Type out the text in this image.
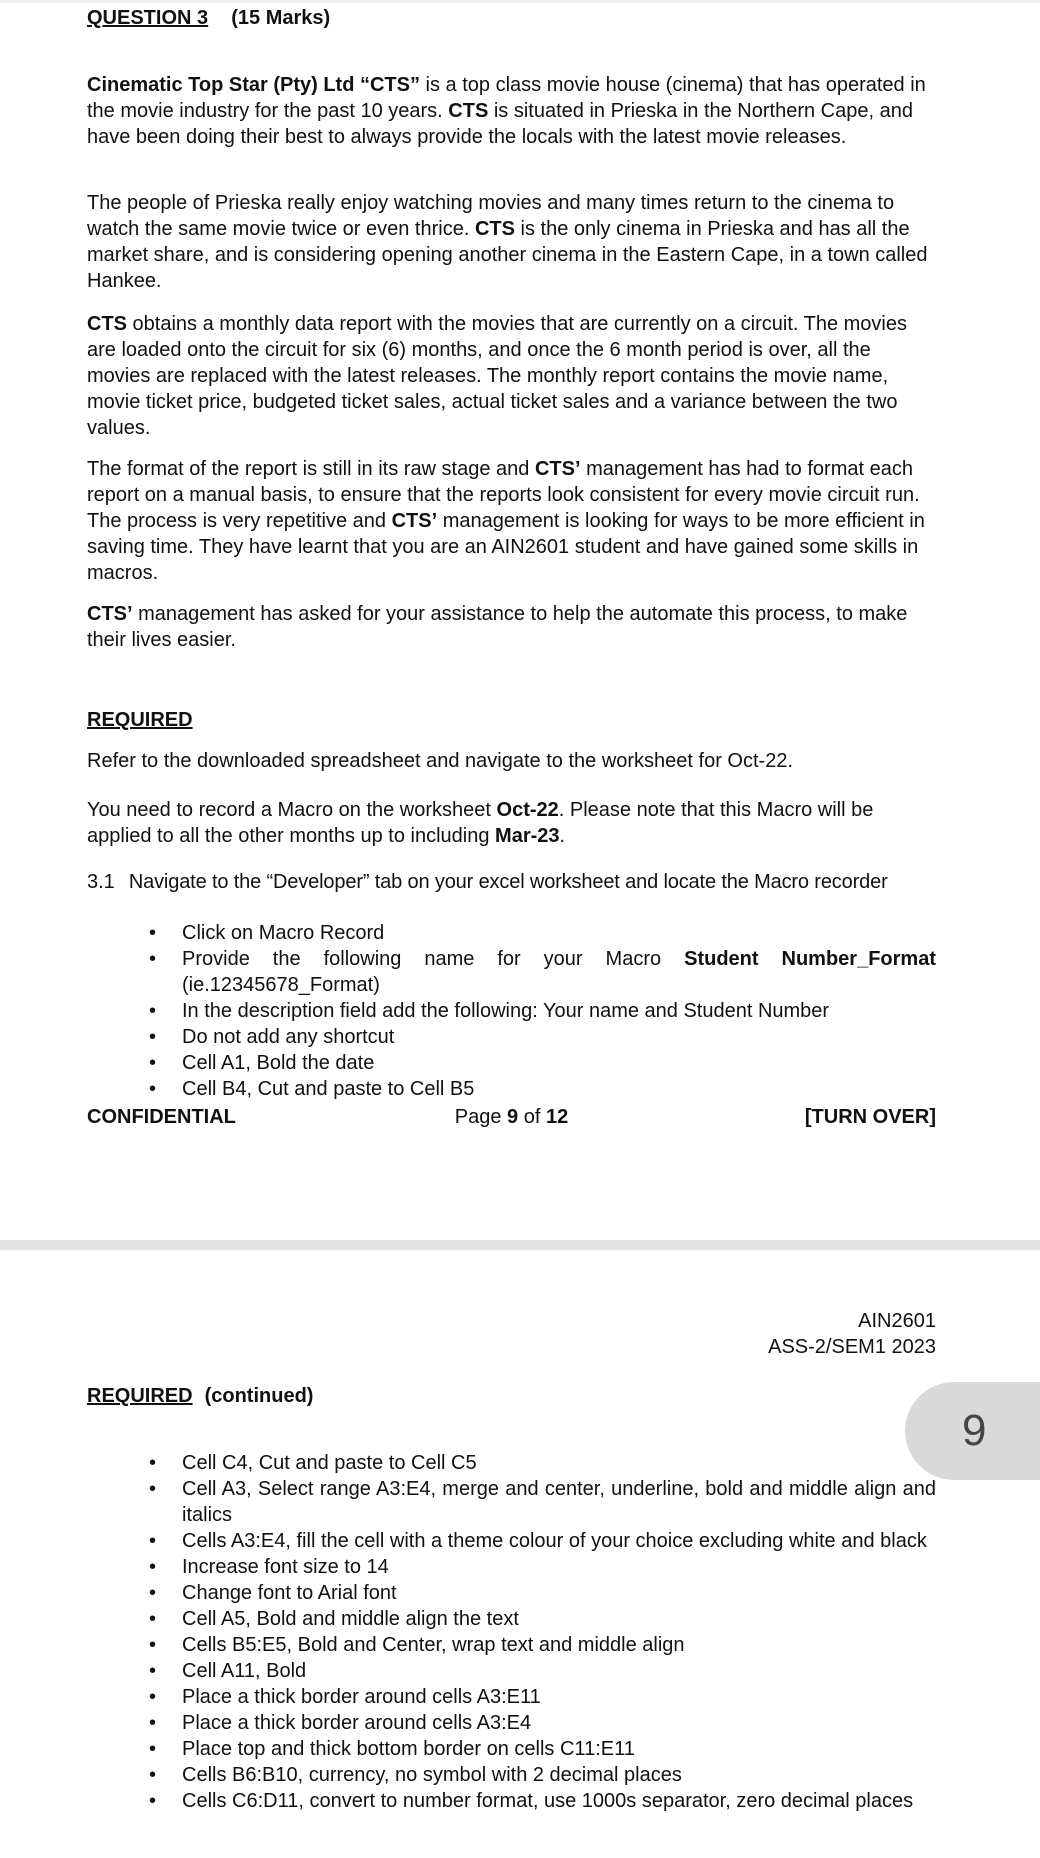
QUESTION 3 (15 Marks)

Cinematic Top Star (Pty) Ltd “CTS” is a top class movie house (cinema) that has operated in the movie industry for the past 10 years. CTS is situated in Prieska in the Northern Cape, and have been doing their best to always provide the locals with the latest movie releases.

The people of Prieska really enjoy watching movies and many times return to the cinema to watch the same movie twice or even thrice. CTS is the only cinema in Prieska and has all the market share, and is considering opening another cinema in the Eastern Cape, in a town called Hankee.

CTS obtains a monthly data report with the movies that are currently on a circuit. The movies are loaded onto the circuit for six (6) months, and once the 6 month period is over, all the movies are replaced with the latest releases. The monthly report contains the movie name, movie ticket price, budgeted ticket sales, actual ticket sales and a variance between the two values.

The format of the report is still in its raw stage and CTS’ management has had to format each report on a manual basis, to ensure that the reports look consistent for every movie circuit run. The process is very repetitive and CTS’ management is looking for ways to be more efficient in saving time. They have learnt that you are an AIN2601 student and have gained some skills in macros.

CTS’ management has asked for your assistance to help the automate this process, to make their lives easier.

REQUIRED

Refer to the downloaded spreadsheet and navigate to the worksheet for Oct-22.

You need to record a Macro on the worksheet Oct-22. Please note that this Macro will be applied to all the other months up to including Mar-23.

3.1 Navigate to the “Developer” tab on your excel worksheet and locate the Macro recorder
• Click on Macro Record
• Provide the following name for your Macro Student Number_Format (ie.12345678_Format)
• In the description field add the following: Your name and Student Number
• Do not add any shortcut
• Cell A1, Bold the date
• Cell B4, Cut and paste to Cell B5
CONFIDENTIAL	Page 9 of 12	[TURN OVER]
AIN2601
ASS-2/SEM1 2023
9
REQUIRED (continued)
• Cell C4, Cut and paste to Cell C5
• Cell A3, Select range A3:E4, merge and center, underline, bold and middle align and italics
• Cells A3:E4, fill the cell with a theme colour of your choice excluding white and black
• Increase font size to 14
• Change font to Arial font
• Cell A5, Bold and middle align the text
• Cells B5:E5, Bold and Center, wrap text and middle align
• Cell A11, Bold
• Place a thick border around cells A3:E11
• Place a thick border around cells A3:E4
• Place top and thick bottom border on cells C11:E11
• Cells B6:B10, currency, no symbol with 2 decimal places
• Cells C6:D11, convert to number format, use 1000s separator, zero decimal places
